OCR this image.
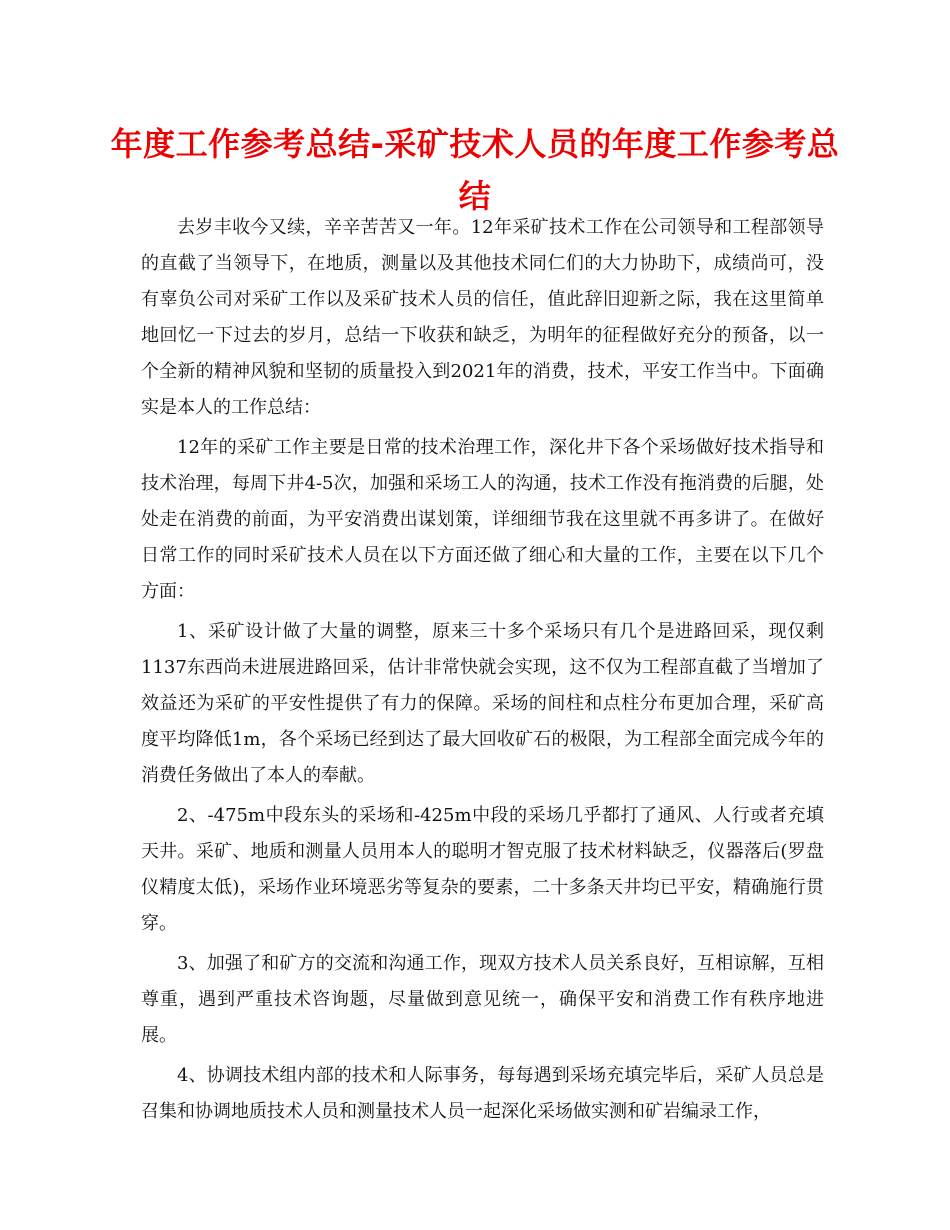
年度工作参考总结-采矿技术人员的年度工作参考总结

去岁丰收今又续，辛辛苦苦又一年。12年采矿技术工作在公司领导和工程部领导的直截了当领导下，在地质，测量以及其他技术同仁们的大力协助下，成绩尚可，没有辜负公司对采矿工作以及采矿技术人员的信任，值此辞旧迎新之际，我在这里简单地回忆一下过去的岁月，总结一下收获和缺乏，为明年的征程做好充分的预备，以一个全新的精神风貌和坚韧的质量投入到2021年的消费，技术，平安工作当中。下面确实是本人的工作总结：

12年的采矿工作主要是日常的技术治理工作，深化井下各个采场做好技术指导和技术治理，每周下井4-5次，加强和采场工人的沟通，技术工作没有拖消费的后腿，处处走在消费的前面，为平安消费出谋划策，详细细节我在这里就不再多讲了。在做好日常工作的同时采矿技术人员在以下方面还做了细心和大量的工作，主要在以下几个方面：

1、采矿设计做了大量的调整，原来三十多个采场只有几个是进路回采，现仅剩1137东西尚未进展进路回采，估计非常快就会实现，这不仅为工程部直截了当增加了效益还为采矿的平安性提供了有力的保障。采场的间柱和点柱分布更加合理，采矿高度平均降低1m，各个采场已经到达了最大回收矿石的极限，为工程部全面完成今年的消费任务做出了本人的奉献。

2、-475m中段东头的采场和-425m中段的采场几乎都打了通风、人行或者充填天井。采矿、地质和测量人员用本人的聪明才智克服了技术材料缺乏，仪器落后(罗盘仪精度太低)，采场作业环境恶劣等复杂的要素，二十多条天井均已平安，精确施行贯穿。

3、加强了和矿方的交流和沟通工作，现双方技术人员关系良好，互相谅解，互相尊重，遇到严重技术咨询题，尽量做到意见统一，确保平安和消费工作有秩序地进展。

4、协调技术组内部的技术和人际事务，每每遇到采场充填完毕后，采矿人员总是召集和协调地质技术人员和测量技术人员一起深化采场做实测和矿岩编录工作，
